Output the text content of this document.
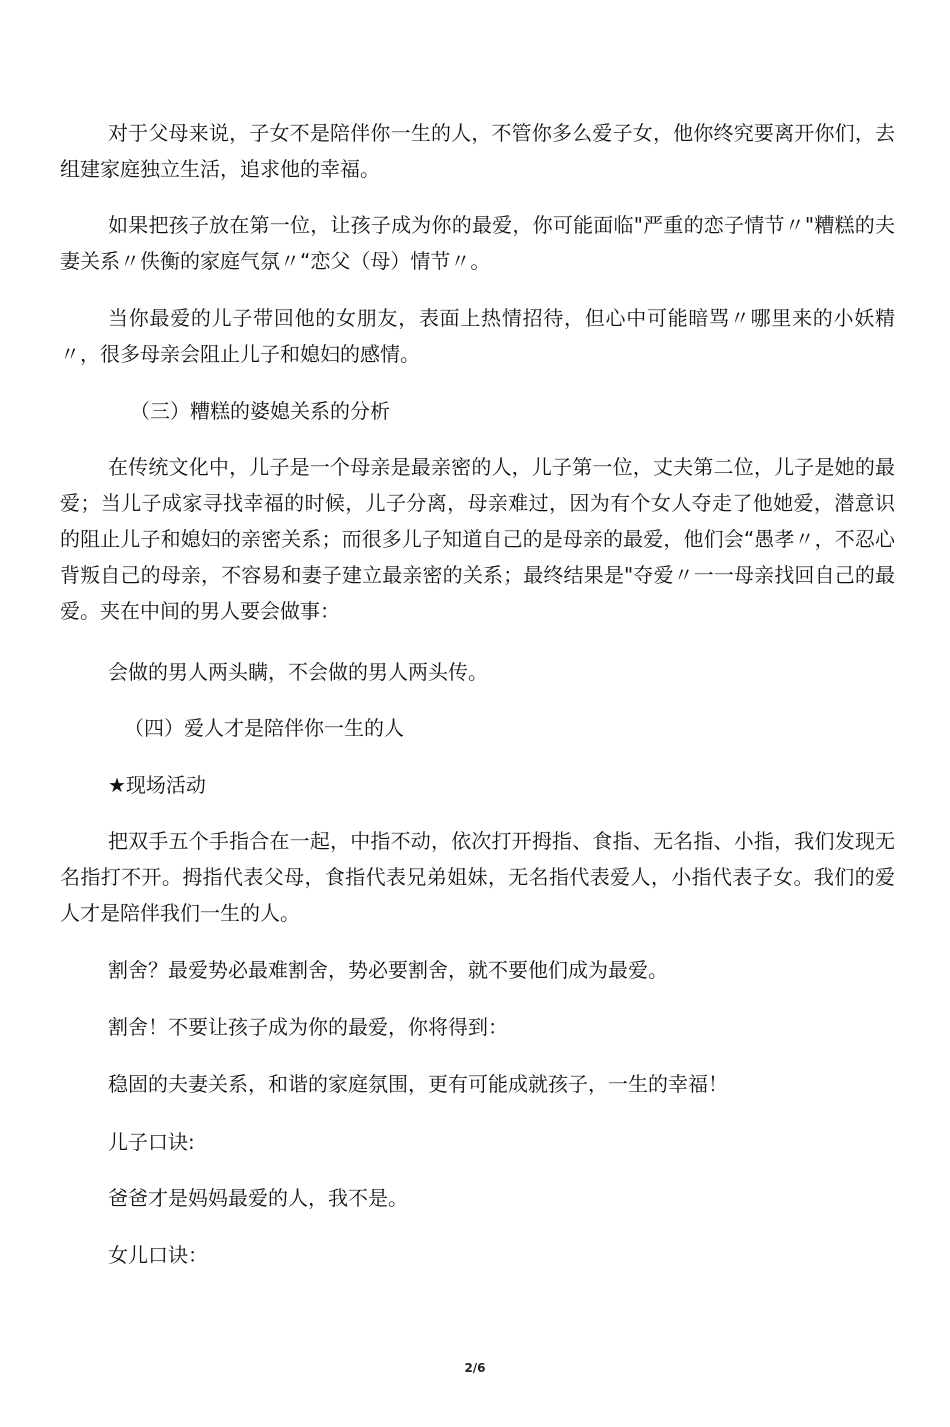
对于父母来说，子女不是陪伴你一生的人，不管你多么爱子女，他你终究要离开你们，去组建家庭独立生活，追求他的幸福。

如果把孩子放在第一位，让孩子成为你的最爱，你可能面临"严重的恋子情节〃"糟糕的夫妻关系〃佚衡的家庭气氛〃“恋父（母）情节〃。

当你最爱的儿子带回他的女朋友，表面上热情招待，但心中可能暗骂〃哪里来的小妖精〃，很多母亲会阻止儿子和媳妇的感情。

（三）糟糕的婆媳关系的分析

在传统文化中，儿子是一个母亲是最亲密的人，儿子第一位，丈夫第二位，儿子是她的最爱；当儿子成家寻找幸福的时候，儿子分离，母亲难过，因为有个女人夺走了他她爱，潜意识的阻止儿子和媳妇的亲密关系；而很多儿子知道自己的是母亲的最爱，他们会“愚孝〃，不忍心背叛自己的母亲，不容易和妻子建立最亲密的关系；最终结果是"夺爱〃一一母亲找回自己的最爱。夹在中间的男人要会做事：

会做的男人两头瞒，不会做的男人两头传。

（四）爱人才是陪伴你一生的人

★现场活动

把双手五个手指合在一起，中指不动，依次打开拇指、食指、无名指、小指，我们发现无名指打不开。拇指代表父母，食指代表兄弟姐妹，无名指代表爱人，小指代表子女。我们的爱人才是陪伴我们一生的人。

割舍？最爱势必最难割舍，势必要割舍，就不要他们成为最爱。

割舍！不要让孩子成为你的最爱，你将得到：

稳固的夫妻关系，和谐的家庭氛围，更有可能成就孩子，一生的幸福！

儿子口诀:

爸爸才是妈妈最爱的人，我不是。

女儿口诀：

2/6
